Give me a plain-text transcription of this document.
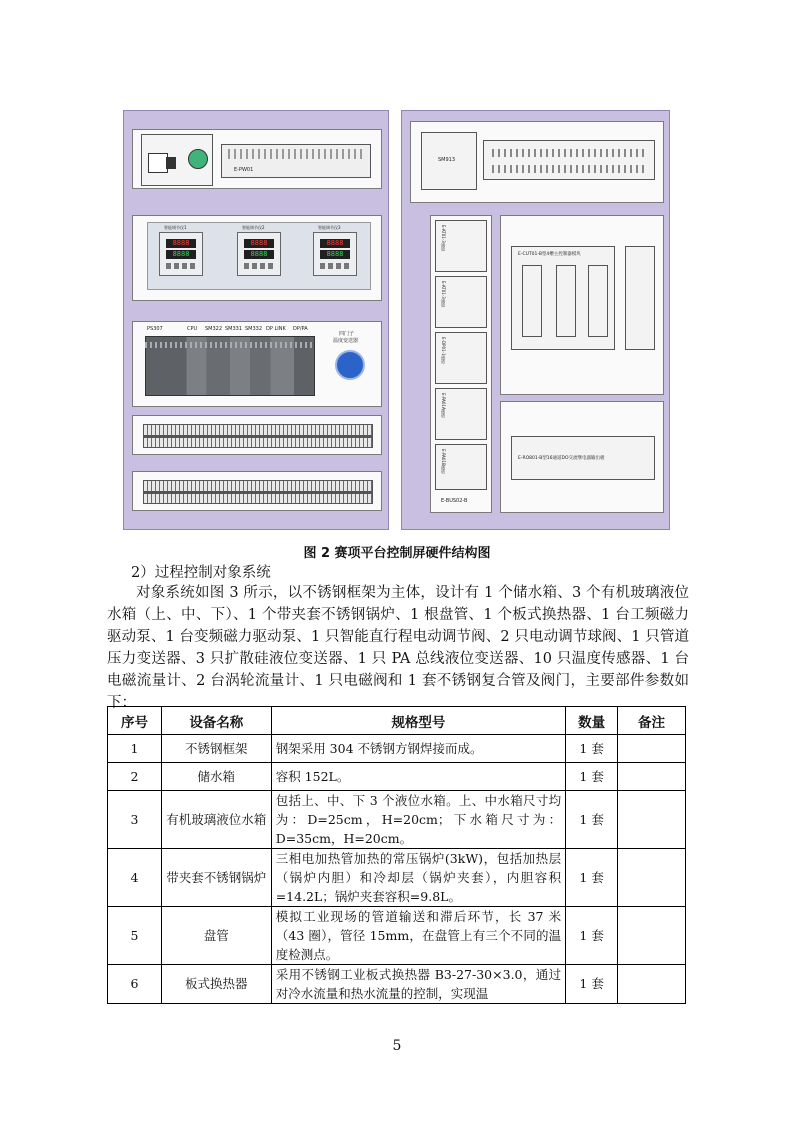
E-PW01
智能调节仪1
8888
8888
智能调节仪2
8888
8888
智能调节仪3
8888
8888
PS307	CPU SM322 SM331 SM332 DP LINK DP/PA
四门子
温度变送器
SM913
E-AT01-3通道
E-AT01-3通道
E-DP01-1通道
E-PA01A通道
E-PA01B通道
E-BUS02-B
E-CUT01-B型4槽主控制器模块
E-RO801-B型16通道DO交流继电器输出板
图 2 赛项平台控制屏硬件结构图
2）过程控制对象系统

对象系统如图 3 所示，以不锈钢框架为主体，设计有 1 个储水箱、3 个有机玻璃液位水箱（上、中、下）、1 个带夹套不锈钢锅炉、1 根盘管、1 个板式换热器、1 台工频磁力驱动泵、1 台变频磁力驱动泵、1 只智能直行程电动调节阀、2 只电动调节球阀、1 只管道压力变送器、3 只扩散硅液位变送器、1 只 PA 总线液位变送器、10 只温度传感器、1 台电磁流量计、2 台涡轮流量计、1 只电磁阀和 1 套不锈钢复合管及阀门，主要部件参数如下：

序号	设备名称	规格型号	数量	备注
1	不锈钢框架	钢架采用 304 不锈钢方钢焊接而成。	1 套	
2	储水箱	容积 152L。	1 套	
3	有机玻璃液位水箱	包括上、中、下 3 个液位水箱。上、中水箱尺寸均为：D=25cm，H=20cm；下水箱尺寸为：D=35cm，H=20cm。	1 套	
4	带夹套不锈钢锅炉	三相电加热管加热的常压锅炉(3kW)，包括加热层（锅炉内胆）和冷却层（锅炉夹套），内胆容积=14.2L；锅炉夹套容积=9.8L。	1 套	
5	盘管	模拟工业现场的管道输送和滞后环节，长 37 米（43 圈），管径 15mm，在盘管上有三个不同的温度检测点。	1 套	

6	板式换热器	采用不锈钢工业板式换热器 B3-27-30×3.0，通过对冷水流量和热水流量的控制，实现温	1 套	

5
